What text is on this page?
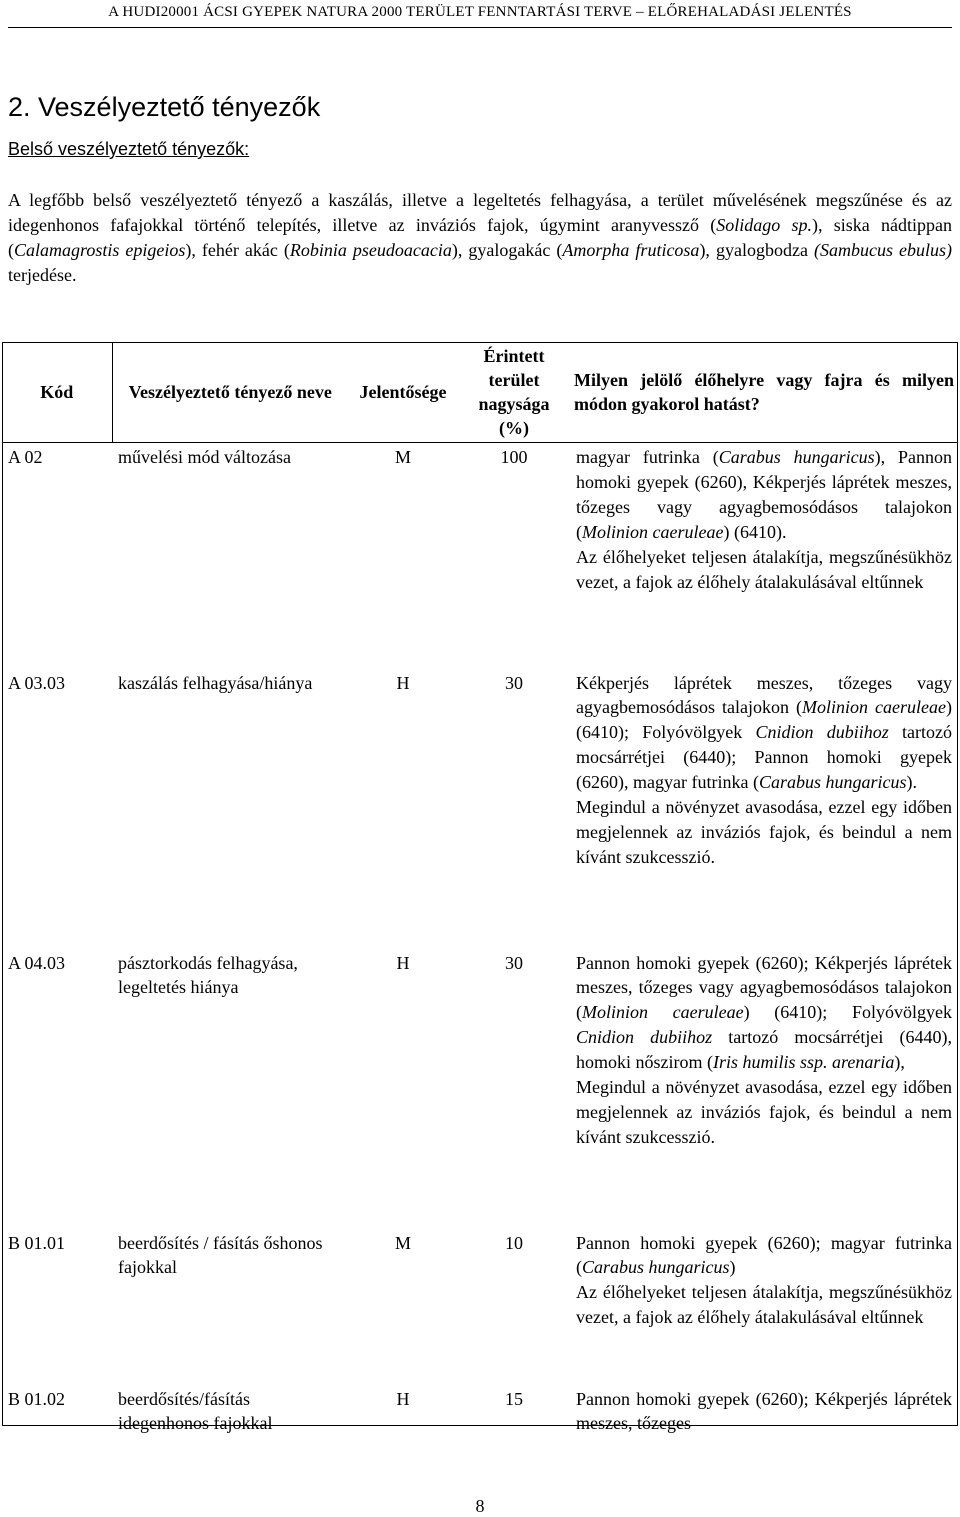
A HUDI20001 ÁCSI GYEPEK NATURA 2000 TERÜLET FENNTARTÁSI TERVE – ELŐREHALADÁSI JELENTÉS
2. Veszélyeztető tényezők
Belső veszélyeztető tényezők:
A legfőbb belső veszélyeztető tényező a kaszálás, illetve a legeltetés felhagyása, a terület művelésének megszűnése és az idegenhonos fafajokkal történő telepítés, illetve az inváziós fajok, úgymint aranyvessző (Solidago sp.), siska nádtippan (Calamagrostis epigeios), fehér akác (Robinia pseudoacacia), gyalogakác (Amorpha fruticosa), gyalogbodza (Sambucus ebulus) terjedése.
Kód	Veszélyeztető tényező neve	Jelentősége	Érintett terület nagysága (%)	Milyen jelölő élőhelyre vagy fajra és milyen módon gyakorol hatást?
A 02	művelési mód változása	M	100	magyar futrinka (Carabus hungaricus), Pannon homoki gyepek (6260), Kékperjés láprétek meszes, tőzeges vagy agyagbemosódásos talajokon (Molinion caeruleae) (6410).
Az élőhelyeket teljesen átalakítja, megszűnésükhöz vezet, a fajok az élőhely átalakulásával eltűnnek

A 03.03	kaszálás felhagyása/hiánya	H	30	Kékperjés láprétek meszes, tőzeges vagy agyagbemosódásos talajokon (Molinion caeruleae) (6410); Folyóvölgyek Cnidion dubiihoz tartozó mocsárrétjei (6440); Pannon homoki gyepek (6260), magyar futrinka (Carabus hungaricus).
Megindul a növényzet avasodása, ezzel egy időben megjelennek az inváziós fajok, és beindul a nem kívánt szukcesszió.

A 04.03	pásztorkodás felhagyása, legeltetés hiánya	H	30	Pannon homoki gyepek (6260); Kékperjés láprétek meszes, tőzeges vagy agyagbemosódásos talajokon (Molinion caeruleae) (6410); Folyóvölgyek Cnidion dubiihoz tartozó mocsárrétjei (6440), homoki nőszirom (Iris humilis ssp. arenaria),
Megindul a növényzet avasodása, ezzel egy időben megjelennek az inváziós fajok, és beindul a nem kívánt szukcesszió.

B 01.01	beerdősítés / fásítás őshonos fajokkal	M	10	Pannon homoki gyepek (6260); magyar futrinka (Carabus hungaricus)
Az élőhelyeket teljesen átalakítja, megszűnésükhöz vezet, a fajok az élőhely átalakulásával eltűnnek

B 01.02	beerdősítés/fásítás idegenhonos fajokkal	H	15	Pannon homoki gyepek (6260); Kékperjés láprétek meszes, tőzeges
8
